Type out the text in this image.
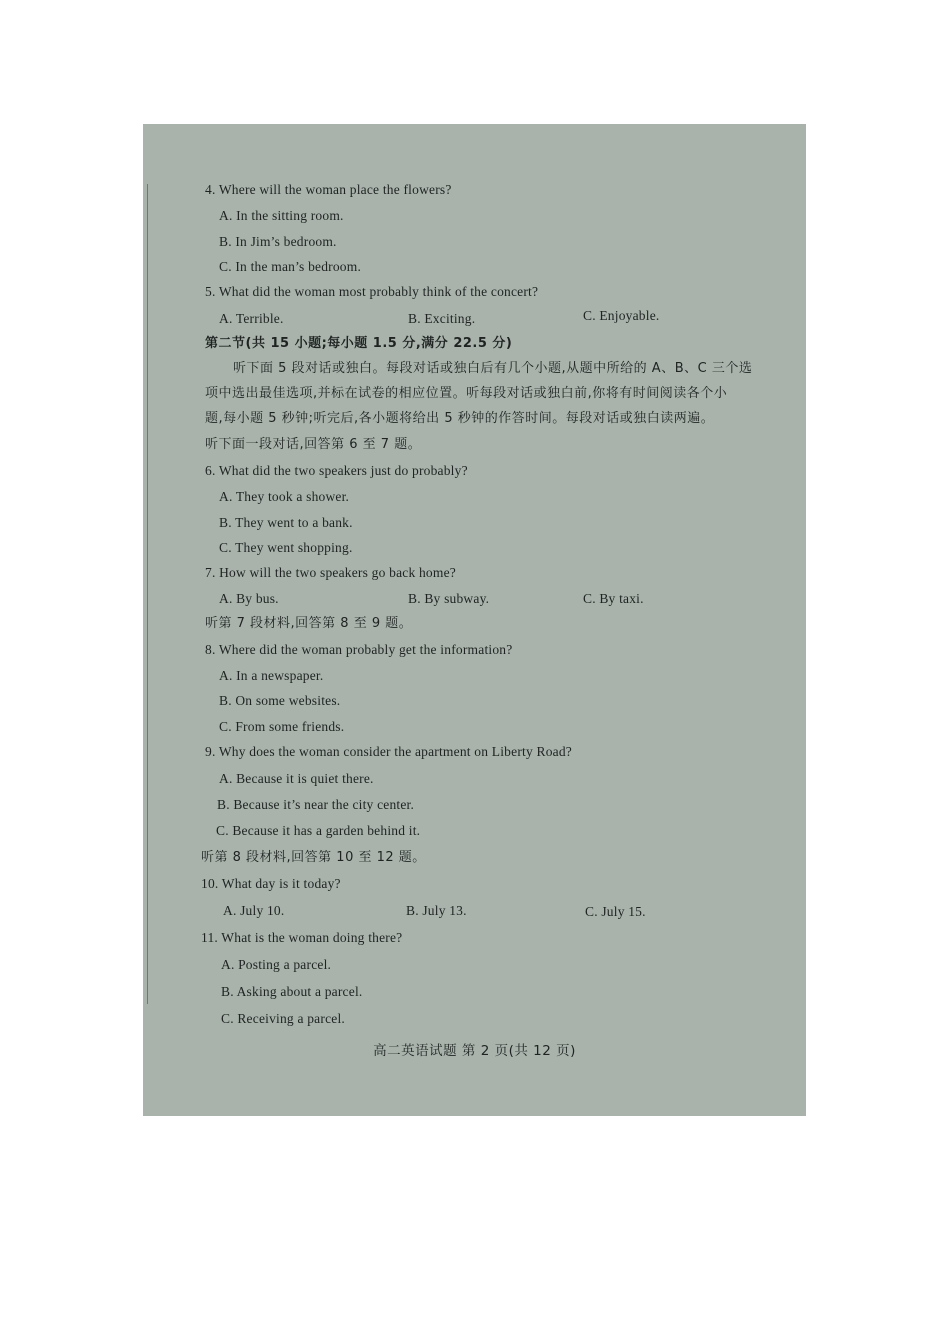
4. Where will the woman place the flowers?
A. In the sitting room.
B. In Jim’s bedroom.
C. In the man’s bedroom.
5. What did the woman most probably think of the concert?
A. Terrible.	B. Exciting.	C. Enjoyable.
第二节(共 15 小题;每小题 1.5 分,满分 22.5 分)
听下面 5 段对话或独白。每段对话或独白后有几个小题,从题中所给的 A、B、C 三个选
项中选出最佳选项,并标在试卷的相应位置。听每段对话或独白前,你将有时间阅读各个小
题,每小题 5 秒钟;听完后,各小题将给出 5 秒钟的作答时间。每段对话或独白读两遍。
听下面一段对话,回答第 6 至 7 题。
6. What did the two speakers just do probably?
A. They took a shower.
B. They went to a bank.
C. They went shopping.
7. How will the two speakers go back home?
A. By bus.	B. By subway.	C. By taxi.
听第 7 段材料,回答第 8 至 9 题。
8. Where did the woman probably get the information?
A. In a newspaper.
B. On some websites.
C. From some friends.
9. Why does the woman consider the apartment on Liberty Road?
A. Because it is quiet there.
B. Because it’s near the city center.
C. Because it has a garden behind it.
听第 8 段材料,回答第 10 至 12 题。
10. What day is it today?
A. July 10.	B. July 13.	C. July 15.
11. What is the woman doing there?
A. Posting a parcel.
B. Asking about a parcel.
C. Receiving a parcel.
高二英语试题 第 2 页(共 12 页)
